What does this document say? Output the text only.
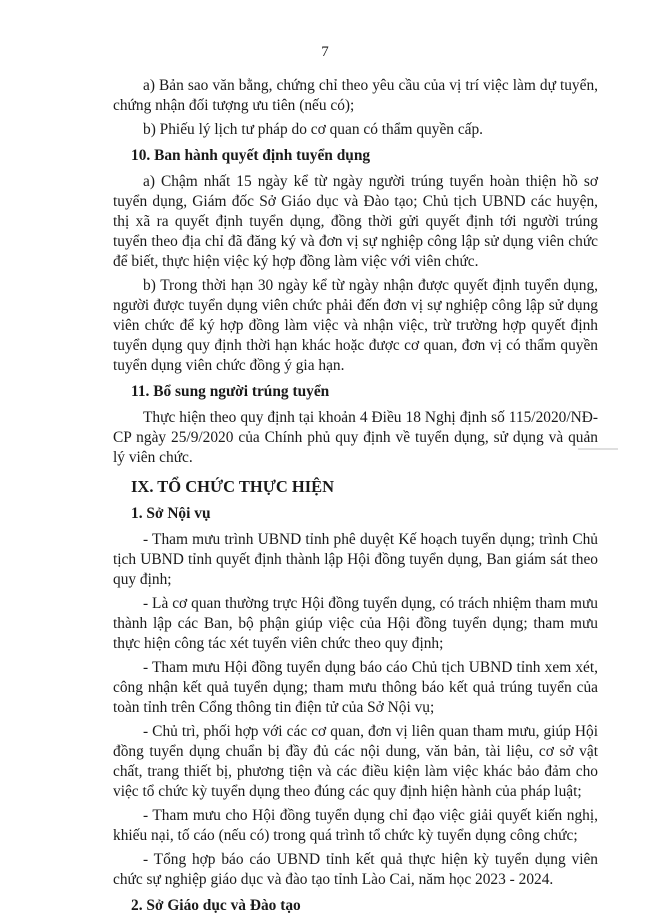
7

a) Bản sao văn bằng, chứng chỉ theo yêu cầu của vị trí việc làm dự tuyển, chứng nhận đối tượng ưu tiên (nếu có);

b) Phiếu lý lịch tư pháp do cơ quan có thẩm quyền cấp.

10. Ban hành quyết định tuyển dụng

a) Chậm nhất 15 ngày kể từ ngày người trúng tuyển hoàn thiện hồ sơ tuyển dụng, Giám đốc Sở Giáo dục và Đào tạo; Chủ tịch UBND các huyện, thị xã ra quyết định tuyển dụng, đồng thời gửi quyết định tới người trúng tuyển theo địa chỉ đã đăng ký và đơn vị sự nghiệp công lập sử dụng viên chức để biết, thực hiện việc ký hợp đồng làm việc với viên chức.

b) Trong thời hạn 30 ngày kể từ ngày nhận được quyết định tuyển dụng, người được tuyển dụng viên chức phải đến đơn vị sự nghiệp công lập sử dụng viên chức để ký hợp đồng làm việc và nhận việc, trừ trường hợp quyết định tuyển dụng quy định thời hạn khác hoặc được cơ quan, đơn vị có thẩm quyền tuyển dụng viên chức đồng ý gia hạn.

11. Bổ sung người trúng tuyển

Thực hiện theo quy định tại khoản 4 Điều 18 Nghị định số 115/2020/NĐ-CP ngày 25/9/2020 của Chính phủ quy định về tuyển dụng, sử dụng và quản lý viên chức.

IX. TỔ CHỨC THỰC HIỆN
1. Sở Nội vụ

- Tham mưu trình UBND tỉnh phê duyệt Kế hoạch tuyển dụng; trình Chủ tịch UBND tỉnh quyết định thành lập Hội đồng tuyển dụng, Ban giám sát theo quy định;

- Là cơ quan thường trực Hội đồng tuyển dụng, có trách nhiệm tham mưu thành lập các Ban, bộ phận giúp việc của Hội đồng tuyển dụng; tham mưu thực hiện công tác xét tuyển viên chức theo quy định;

- Tham mưu Hội đồng tuyển dụng báo cáo Chủ tịch UBND tỉnh xem xét, công nhận kết quả tuyển dụng; tham mưu thông báo kết quả trúng tuyển của toàn tỉnh trên Cổng thông tin điện tử của Sở Nội vụ;

- Chủ trì, phối hợp với các cơ quan, đơn vị liên quan tham mưu, giúp Hội đồng tuyển dụng chuẩn bị đầy đủ các nội dung, văn bản, tài liệu, cơ sở vật chất, trang thiết bị, phương tiện và các điều kiện làm việc khác bảo đảm cho việc tổ chức kỳ tuyển dụng theo đúng các quy định hiện hành của pháp luật;

- Tham mưu cho Hội đồng tuyển dụng chỉ đạo việc giải quyết kiến nghị, khiếu nại, tố cáo (nếu có) trong quá trình tổ chức kỳ tuyển dụng công chức;

- Tổng hợp báo cáo UBND tỉnh kết quả thực hiện kỳ tuyển dụng viên chức sự nghiệp giáo dục và đào tạo tỉnh Lào Cai, năm học 2023 - 2024.

2. Sở Giáo dục và Đào tạo
